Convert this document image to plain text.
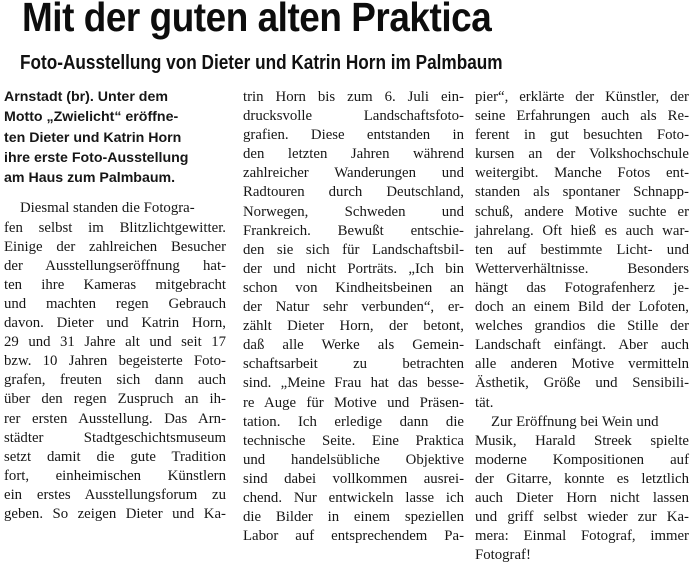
Mit der guten alten Praktica
Foto-Ausstellung von Dieter und Katrin Horn im Palmbaum
Arnstadt (br). Unter dem
Motto „Zwielicht“ eröffne-
ten Dieter und Katrin Horn
ihre erste Foto-Ausstellung
am Haus zum Palmbaum.
Diesmal standen die Fotogra-
fen selbst im Blitzlichtgewitter.
Einige der zahlreichen Besucher
der Ausstellungseröffnung hat-
ten ihre Kameras mitgebracht
und machten regen Gebrauch
davon. Dieter und Katrin Horn,
29 und 31 Jahre alt und seit 17
bzw. 10 Jahren begeisterte Foto-
grafen, freuten sich dann auch
über den regen Zuspruch an ih-
rer ersten Ausstellung. Das Arn-
städter Stadtgeschichtsmuseum
setzt damit die gute Tradition
fort, einheimischen Künstlern
ein erstes Ausstellungsforum zu
geben. So zeigen Dieter und Ka-
trin Horn bis zum 6. Juli ein-
drucksvolle Landschaftsfoto-
grafien. Diese entstanden in
den letzten Jahren während
zahlreicher Wanderungen und
Radtouren durch Deutschland,
Norwegen, Schweden und
Frankreich. Bewußt entschie-
den sie sich für Landschaftsbil-
der und nicht Porträts. „Ich bin
schon von Kindheitsbeinen an
der Natur sehr verbunden“, er-
zählt Dieter Horn, der betont,
daß alle Werke als Gemein-
schaftsarbeit zu betrachten
sind. „Meine Frau hat das besse-
re Auge für Motive und Präsen-
tation. Ich erledige dann die
technische Seite. Eine Praktica
und handelsübliche Objektive
sind dabei vollkommen ausrei-
chend. Nur entwickeln lasse ich
die Bilder in einem speziellen
Labor auf entsprechendem Pa-
pier“, erklärte der Künstler, der
seine Erfahrungen auch als Re-
ferent in gut besuchten Foto-
kursen an der Volkshochschule
weitergibt. Manche Fotos ent-
standen als spontaner Schnapp-
schuß, andere Motive suchte er
jahrelang. Oft hieß es auch war-
ten auf bestimmte Licht- und
Wetterverhältnisse. Besonders
hängt das Fotografenherz je-
doch an einem Bild der Lofoten,
welches grandios die Stille der
Landschaft einfängt. Aber auch
alle anderen Motive vermitteln
Ästhetik, Größe und Sensibili-
tät.
Zur Eröffnung bei Wein und
Musik, Harald Streek spielte
moderne Kompositionen auf
der Gitarre, konnte es letztlich
auch Dieter Horn nicht lassen
und griff selbst wieder zur Ka-
mera: Einmal Fotograf, immer
Fotograf!
